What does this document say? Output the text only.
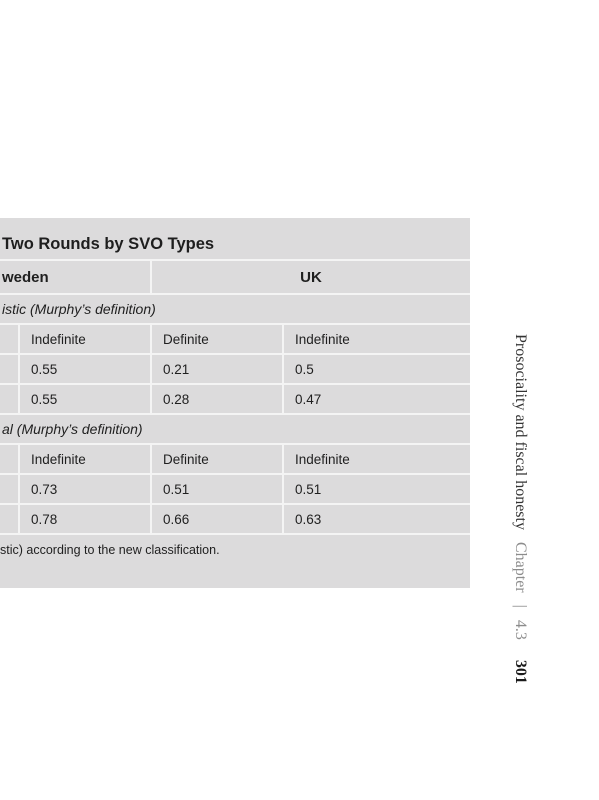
Two Rounds by SVO Types
weden	UK
istic (Murphy’s definition)
Indefinite	Definite	Indefinite
0.55	0.21	0.5
0.55	0.28	0.47
al (Murphy’s definition)
Indefinite	Definite	Indefinite
0.73	0.51	0.51
0.78	0.66	0.63
stic) according to the new classification.
Prosociality and fiscal honesty Chapter | 4.3 301
